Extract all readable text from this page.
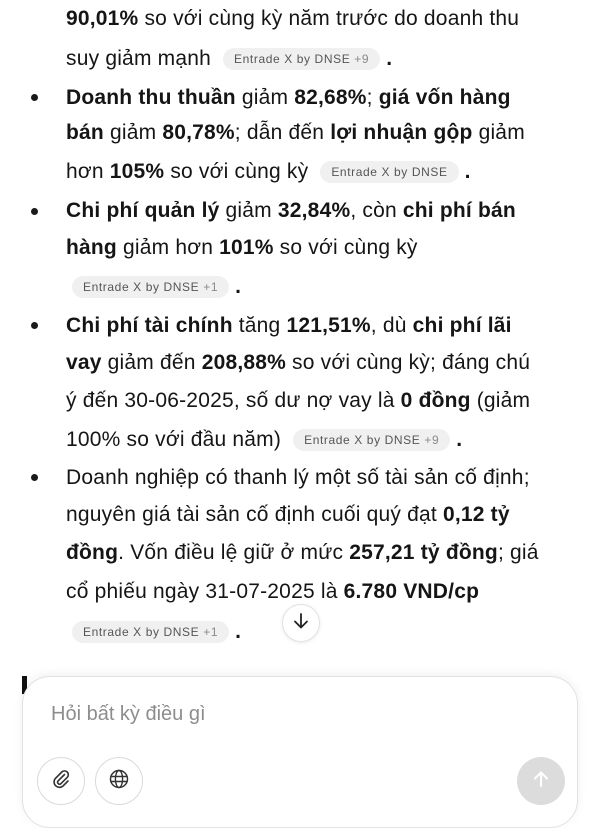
90,01% so với cùng kỳ năm trước do doanh thu
suy giảm mạnh Entrade X by DNSE +9 .
Doanh thu thuần giảm 82,68%; giá vốn hàng
bán giảm 80,78%; dẫn đến lợi nhuận gộp giảm
hơn 105% so với cùng kỳ Entrade X by DNSE .
Chi phí quản lý giảm 32,84%, còn chi phí bán
hàng giảm hơn 101% so với cùng kỳ
Entrade X by DNSE +1 .
Chi phí tài chính tăng 121,51%, dù chi phí lãi
vay giảm đến 208,88% so với cùng kỳ; đáng chú
ý đến 30-06-2025, số dư nợ vay là 0 đồng (giảm
100% so với đầu năm) Entrade X by DNSE +9 .
Doanh nghiệp có thanh lý một số tài sản cố định;
nguyên giá tài sản cố định cuối quý đạt 0,12 tỷ
đồng. Vốn điều lệ giữ ở mức 257,21 tỷ đồng; giá
cổ phiếu ngày 31-07-2025 là 6.780 VND/cp
Entrade X by DNSE +1 .
Hỏi bất kỳ điều gì
